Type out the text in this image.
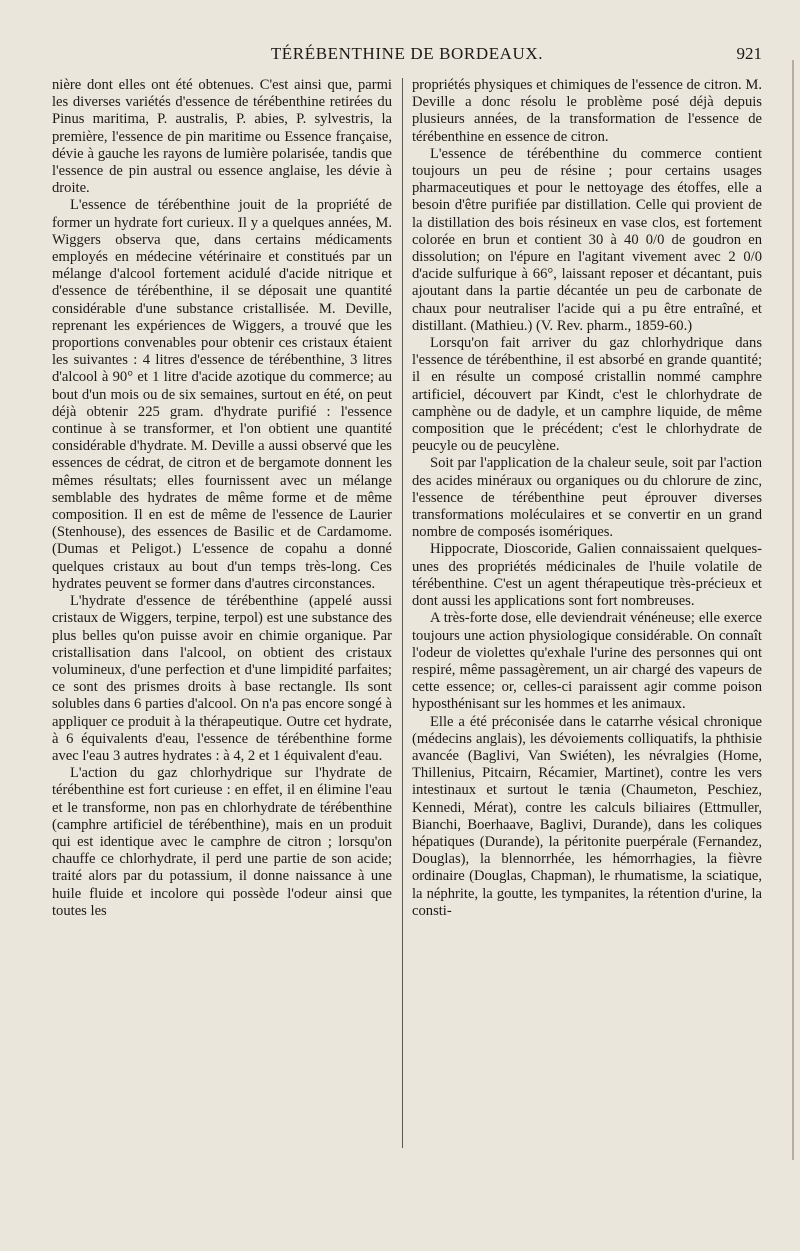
TÉRÉBENTHINE DE BORDEAUX.	921

nière dont elles ont été obtenues. C'est ainsi que, parmi les diverses variétés d'essence de térébenthine retirées du Pinus maritima, P. australis, P. abies, P. sylvestris, la première, l'essence de pin maritime ou Essence française, dévie à gauche les rayons de lumière polarisée, tandis que l'essence de pin austral ou essence anglaise, les dévie à droite.

L'essence de térébenthine jouit de la propriété de former un hydrate fort curieux. Il y a quelques années, M. Wiggers observa que, dans certains médicaments employés en médecine vétérinaire et constitués par un mélange d'alcool fortement acidulé d'acide nitrique et d'essence de térébenthine, il se déposait une quantité considérable d'une substance cristallisée. M. Deville, reprenant les expériences de Wiggers, a trouvé que les proportions convenables pour obtenir ces cristaux étaient les suivantes : 4 litres d'essence de térébenthine, 3 litres d'alcool à 90° et 1 litre d'acide azotique du commerce; au bout d'un mois ou de six semaines, surtout en été, on peut déjà obtenir 225 gram. d'hydrate purifié : l'essence continue à se transformer, et l'on obtient une quantité considérable d'hydrate. M. Deville a aussi observé que les essences de cédrat, de citron et de bergamote donnent les mêmes résultats; elles fournissent avec un mélange semblable des hydrates de même forme et de même composition. Il en est de même de l'essence de Laurier (Stenhouse), des essences de Basilic et de Cardamome. (Dumas et Peligot.) L'essence de copahu a donné quelques cristaux au bout d'un temps très-long. Ces hydrates peuvent se former dans d'autres circonstances.

L'hydrate d'essence de térébenthine (appelé aussi cristaux de Wiggers, terpine, terpol) est une substance des plus belles qu'on puisse avoir en chimie organique. Par cristallisation dans l'alcool, on obtient des cristaux volumineux, d'une perfection et d'une limpidité parfaites; ce sont des prismes droits à base rectangle. Ils sont solubles dans 6 parties d'alcool. On n'a pas encore songé à appliquer ce produit à la thérapeutique. Outre cet hydrate, à 6 équivalents d'eau, l'essence de térébenthine forme avec l'eau 3 autres hydrates : à 4, 2 et 1 équivalent d'eau.

L'action du gaz chlorhydrique sur l'hydrate de térébenthine est fort curieuse : en effet, il en élimine l'eau et le transforme, non pas en chlorhydrate de térébenthine (camphre artificiel de térébenthine), mais en un produit qui est identique avec le camphre de citron ; lorsqu'on chauffe ce chlorhydrate, il perd une partie de son acide; traité alors par du potassium, il donne naissance à une huile fluide et incolore qui possède l'odeur ainsi que toutes les

propriétés physiques et chimiques de l'essence de citron. M. Deville a donc résolu le problème posé déjà depuis plusieurs années, de la transformation de l'essence de térébenthine en essence de citron.

L'essence de térébenthine du commerce contient toujours un peu de résine ; pour certains usages pharmaceutiques et pour le nettoyage des étoffes, elle a besoin d'être purifiée par distillation. Celle qui provient de la distillation des bois résineux en vase clos, est fortement colorée en brun et contient 30 à 40 0/0 de goudron en dissolution; on l'épure en l'agitant vivement avec 2 0/0 d'acide sulfurique à 66°, laissant reposer et décantant, puis ajoutant dans la partie décantée un peu de carbonate de chaux pour neutraliser l'acide qui a pu être entraîné, et distillant. (Mathieu.) (V. Rev. pharm., 1859-60.)

Lorsqu'on fait arriver du gaz chlorhydrique dans l'essence de térébenthine, il est absorbé en grande quantité; il en résulte un composé cristallin nommé camphre artificiel, découvert par Kindt, c'est le chlorhydrate de camphène ou de dadyle, et un camphre liquide, de même composition que le précédent; c'est le chlorhydrate de peucyle ou de peucylène.

Soit par l'application de la chaleur seule, soit par l'action des acides minéraux ou organiques ou du chlorure de zinc, l'essence de térébenthine peut éprouver diverses transformations moléculaires et se convertir en un grand nombre de composés isomériques.

Hippocrate, Dioscoride, Galien connaissaient quelques-unes des propriétés médicinales de l'huile volatile de térébenthine. C'est un agent thérapeutique très-précieux et dont aussi les applications sont fort nombreuses.

A très-forte dose, elle deviendrait vénéneuse; elle exerce toujours une action physiologique considérable. On connaît l'odeur de violettes qu'exhale l'urine des personnes qui ont respiré, même passagèrement, un air chargé des vapeurs de cette essence; or, celles-ci paraissent agir comme poison hyposthénisant sur les hommes et les animaux.

Elle a été préconisée dans le catarrhe vésical chronique (médecins anglais), les dévoiements colliquatifs, la phthisie avancée (Baglivi, Van Swiéten), les névralgies (Home, Thillenius, Pitcairn, Récamier, Martinet), contre les vers intestinaux et surtout le tænia (Chaumeton, Peschiez, Kennedi, Mérat), contre les calculs biliaires (Ettmuller, Bianchi, Boerhaave, Baglivi, Durande), dans les coliques hépatiques (Durande), la péritonite puerpérale (Fernandez, Douglas), la blennorrhée, les hémorrhagies, la fièvre ordinaire (Douglas, Chapman), le rhumatisme, la sciatique, la néphrite, la goutte, les tympanites, la rétention d'urine, la consti-
